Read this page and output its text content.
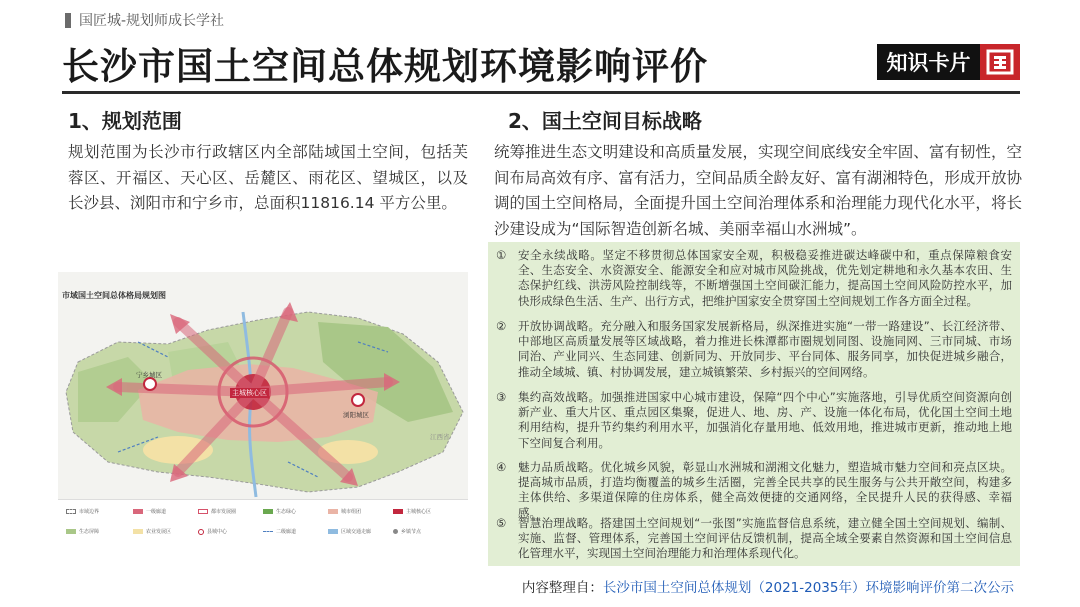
国匠城-规划师成长学社
长沙市国土空间总体规划环境影响评价	知识卡片
1、规划范围
规划范围为长沙市行政辖区内全部陆域国土空间，包括芙蓉区、开福区、天心区、岳麓区、雨花区、望城区，以及长沙县、浏阳市和宁乡市，总面积11816.14 平方公里。
2、国土空间目标战略
统筹推进生态文明建设和高质量发展，实现空间底线安全牢固、富有韧性，空间布局高效有序、富有活力，空间品质全龄友好、富有湖湘特色，形成开放协调的国土空间格局，全面提升国土空间治理体系和治理能力现代化水平，将长沙建设成为“国际智造创新名城、美丽幸福山水洲城”。
市域国土空间总体格局规划图
主城核心区
宁乡城区
浏阳城区
江西省
市域边界	一级廊道	都市发展圈	生态绿心	城市组团	主城核心区
生态屏障	农业发展区	县城中心	二级廊道	区域交通走廊	乡镇节点
①	安全永续战略。坚定不移贯彻总体国家安全观，积极稳妥推进碳达峰碳中和，重点保障粮食安全、生态安全、水资源安全、能源安全和应对城市风险挑战，优先划定耕地和永久基本农田、生态保护红线、洪涝风险控制线等，不断增强国土空间碳汇能力，提高国土空间风险防控水平，加快形成绿色生活、生产、出行方式，把维护国家安全贯穿国土空间规划工作各方面全过程。
②	开放协调战略。充分融入和服务国家发展新格局，纵深推进实施“一带一路建设”、长江经济带、中部地区高质量发展等区域战略，着力推进长株潭都市圈规划同图、设施同网、三市同城、市场同治、产业同兴、生态同建、创新同为、开放同步、平台同体、服务同享，加快促进城乡融合，推动全域城、镇、村协调发展，建立城镇繁荣、乡村振兴的空间网络。
③	集约高效战略。加强推进国家中心城市建设，保障“四个中心”实施落地，引导优质空间资源向创新产业、重大片区、重点园区集聚，促进人、地、房、产、设施一体化布局，优化国土空间土地利用结构，提升节约集约利用水平，加强消化存量用地、低效用地，推进城市更新，推动地上地下空间复合利用。
④	魅力品质战略。优化城乡风貌，彰显山水洲城和湖湘文化魅力，塑造城市魅力空间和亮点区块。提高城市品质，打造均衡覆盖的城乡生活圈，完善全民共享的民生服务与公共开敞空间，构建多主体供给、多渠道保障的住房体系，健全高效便捷的交通网络，全民提升人民的获得感、幸福感。
⑤	智慧治理战略。搭建国土空间规划“一张图”实施监督信息系统，建立健全国土空间规划、编制、实施、监督、管理体系，完善国土空间评估反馈机制，提高全域全要素自然资源和国土空间信息化管理水平，实现国土空间治理能力和治理体系现代化。
内容整理自：长沙市国土空间总体规划（2021-2035年）环境影响评价第二次公示
